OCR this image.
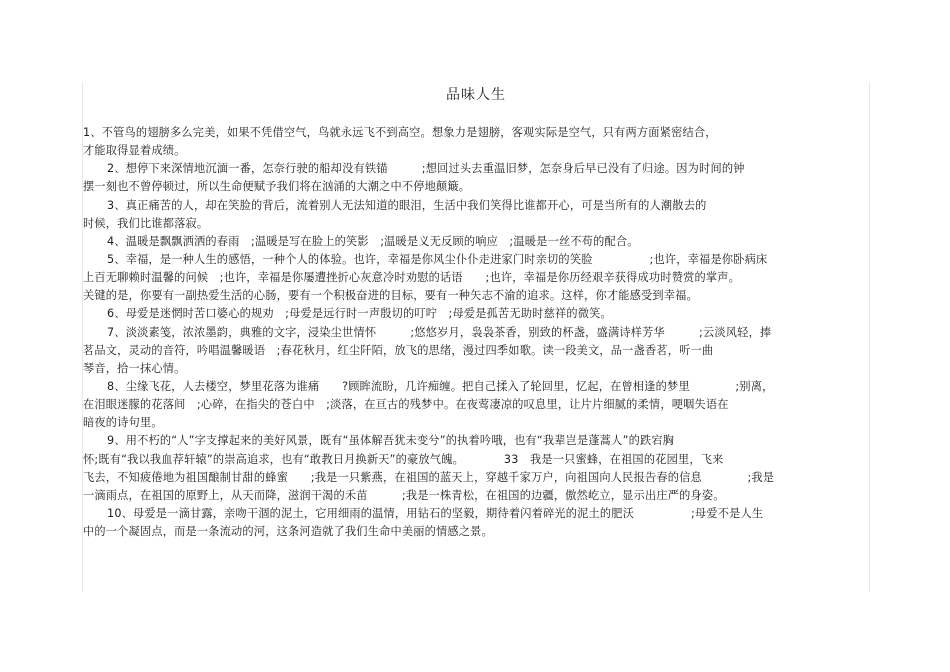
品味人生
1、不管鸟的翅膀多么完美，如果不凭借空气，鸟就永远飞不到高空。想象力是翅膀，客观实际是空气，只有两方面紧密结合，
才能取得显着成绩。
2、想停下来深情地沉湎一番，怎奈行驶的船却没有铁锚　　　;想回过头去重温旧梦，怎奈身后早已没有了归途。因为时间的钟
摆一刻也不曾停顿过，所以生命便赋予我们将在汹涌的大潮之中不停地颠簸。
3、真正痛苦的人，却在笑脸的背后，流着别人无法知道的眼泪，生活中我们笑得比谁都开心，可是当所有的人潮散去的
时候，我们比谁都落寂。
4、温暖是飘飘洒洒的春雨　;温暖是写在脸上的笑影　;温暖是义无反顾的响应　;温暖是一丝不苟的配合。
5、幸福，是一种人生的感悟，一种个人的体验。也许，幸福是你风尘仆仆走进家门时亲切的笑脸　　　　　;也许，幸福是你卧病床
上百无聊赖时温馨的问候　;也许，幸福是你屡遭挫折心灰意冷时劝慰的话语　　;也许，幸福是你历经艰辛获得成功时赞赏的掌声。
关键的是，你要有一副热爱生活的心肠，要有一个积极奋进的目标，要有一种矢志不渝的追求。这样，你才能感受到幸福。
6、母爱是迷惘时苦口婆心的规劝　;母爱是远行时一声殷切的叮咛　;母爱是孤苦无助时慈祥的微笑。
7、淡淡素笺，浓浓墨韵，典雅的文字，浸染尘世情怀　　　;悠悠岁月，袅袅茶香，别致的杯盏，盛满诗样芳华　　　;云淡风轻，捧
茗品文，灵动的音符，吟唱温馨暖语　;春花秋月，红尘阡陌，放飞的思绪，漫过四季如歌。读一段美文，品一盏香茗，听一曲
琴音，拾一抹心情。
8、尘缘飞花，人去楼空，梦里花落为谁痛　　?顾眸流盼，几许痴缠。把自己揉入了轮回里，忆起，在曾相逢的梦里　　　　;别离，
在泪眼迷朦的花落间　;心碎，在指尖的苍白中　;淡落，在亘古的残梦中。在夜莺凄凉的叹息里，让片片细腻的柔情，哽咽失语在
暗夜的诗句里。
9、用不朽的“人”字支撑起来的美好风景，既有“虽体解吾犹未变兮”的执着吟哦，也有“我辈岂是蓬蒿人”的跌宕胸
怀;既有“我以我血荐轩辕”的崇高追求，也有“敢教日月换新天”的豪放气魄。　　　　33　我是一只蜜蜂，在祖国的花园里，飞来
飞去，不知疲倦地为祖国酿制甘甜的蜂蜜　　;我是一只紫燕，在祖国的蓝天上，穿越千家万户，向祖国向人民报告春的信息　　　　;我是
一滴雨点，在祖国的原野上，从天而降，滋润干渴的禾苗　　　;我是一株青松，在祖国的边疆，傲然屹立，显示出庄严的身姿。
10、母爱是一滴甘露，亲吻干涸的泥土，它用细雨的温情，用钻石的坚毅，期待着闪着碎光的泥土的肥沃　　　　　;母爱不是人生
中的一个凝固点，而是一条流动的河，这条河造就了我们生命中美丽的情感之景。
